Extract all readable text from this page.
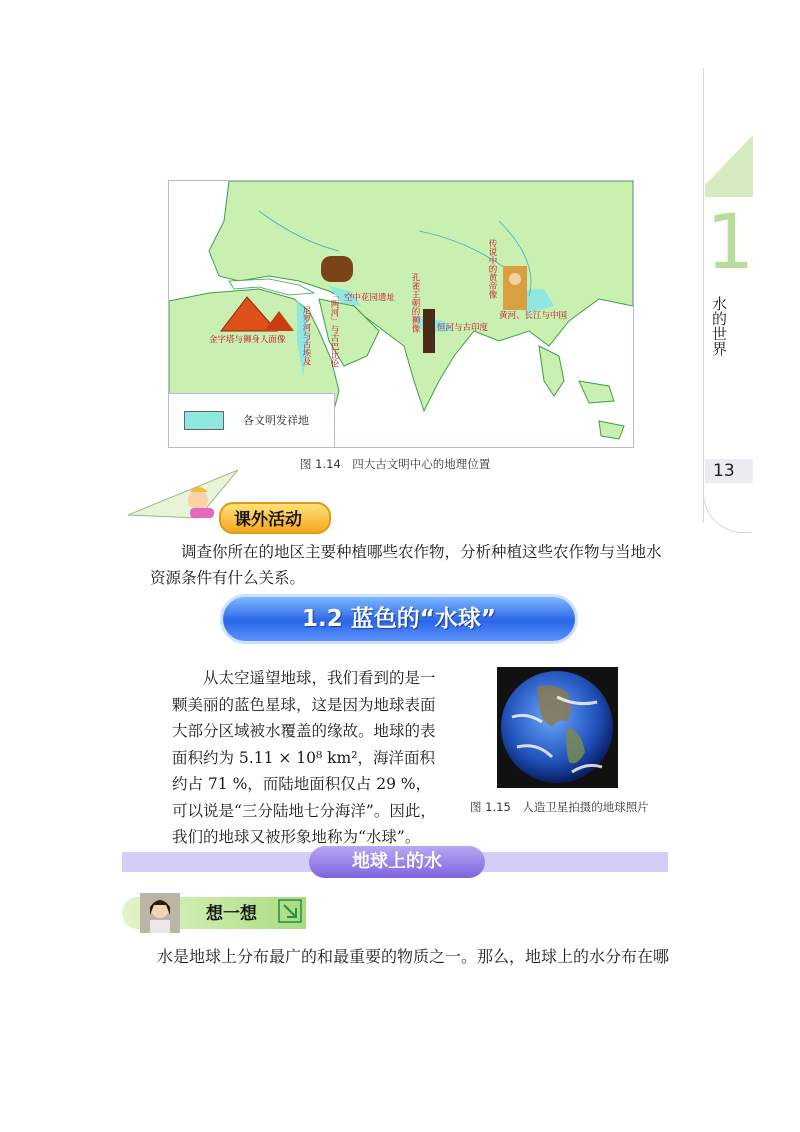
1
水的世界
13
金字塔与狮身人面像 尼罗河与古埃及
空中花园遗址
「两河」与古巴比伦	孔雀王朝的狮像 恒河与古印度
传说中的黄帝像
黄河、长江与中国
各文明发祥地
图 1.14　四大古文明中心的地理位置
课外活动
调查你所在的地区主要种植哪些农作物，分析种植这些农作物与当地水资源条件有什么关系。
1.2 蓝色的“水球”
从太空遥望地球，我们看到的是一颗美丽的蓝色星球，这是因为地球表面大部分区域被水覆盖的缘故。地球的表面积约为 5.11 × 10⁸ km²，海洋面积约占 71 %，而陆地面积仅占 29 %，可以说是“三分陆地七分海洋”。因此，我们的地球又被形象地称为“水球”。
图 1.15　人造卫星拍摄的地球照片
地球上的水
想一想
水是地球上分布最广的和最重要的物质之一。那么，地球上的水分布在哪
